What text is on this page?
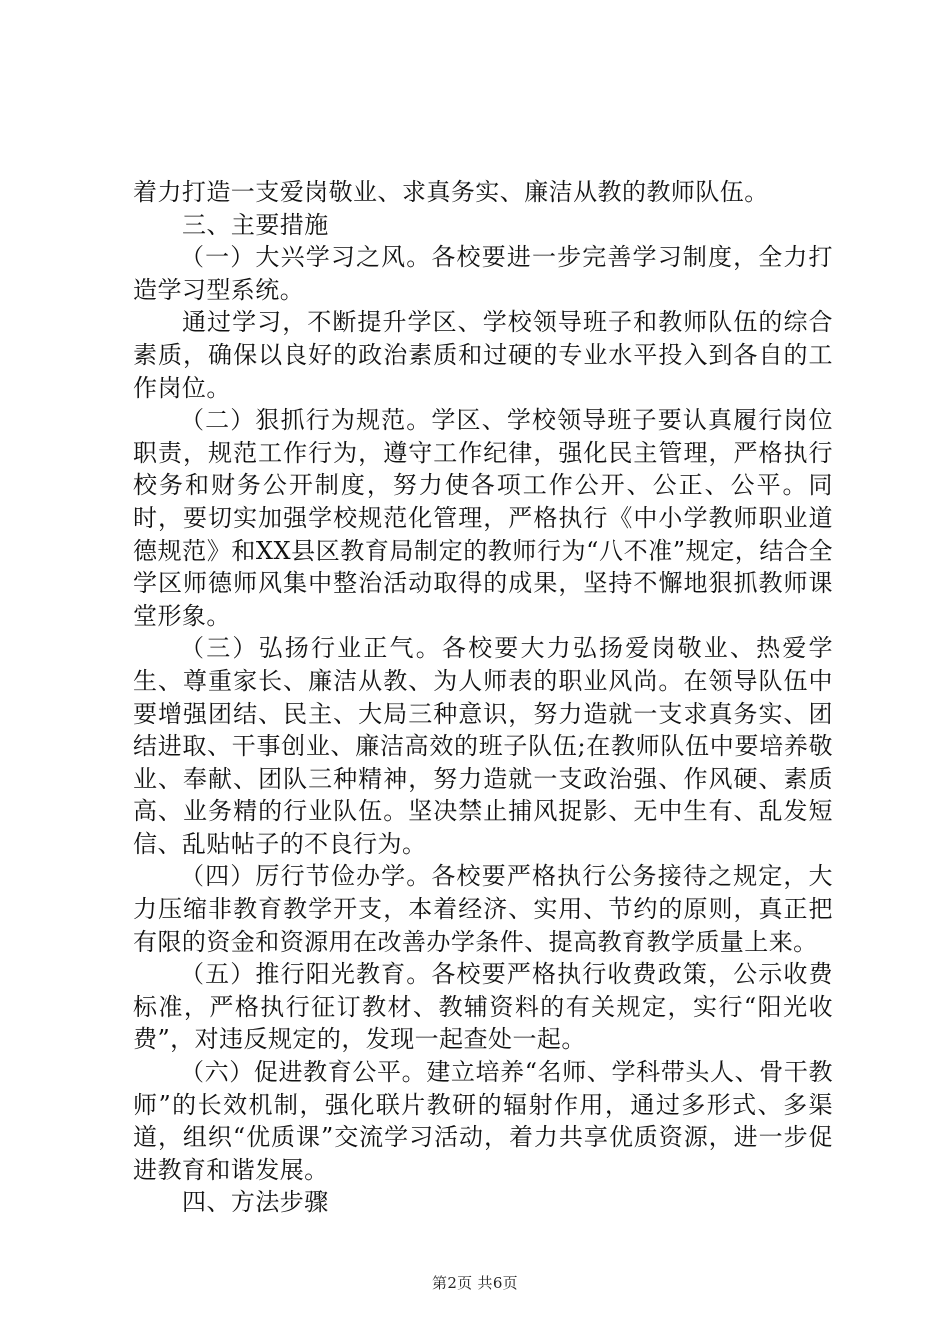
着力打造一支爱岗敬业、求真务实、廉洁从教的教师队伍。

三、主要措施

（一）大兴学习之风。各校要进一步完善学习制度，全力打造学习型系统。

通过学习，不断提升学区、学校领导班子和教师队伍的综合素质，确保以良好的政治素质和过硬的专业水平投入到各自的工作岗位。

（二）狠抓行为规范。学区、学校领导班子要认真履行岗位职责，规范工作行为，遵守工作纪律，强化民主管理，严格执行校务和财务公开制度，努力使各项工作公开、公正、公平。同时，要切实加强学校规范化管理，严格执行《中小学教师职业道德规范》和XX县区教育局制定的教师行为“八不准”规定，结合全学区师德师风集中整治活动取得的成果，坚持不懈地狠抓教师课堂形象。

（三）弘扬行业正气。各校要大力弘扬爱岗敬业、热爱学生、尊重家长、廉洁从教、为人师表的职业风尚。在领导队伍中要增强团结、民主、大局三种意识，努力造就一支求真务实、团结进取、干事创业、廉洁高效的班子队伍;在教师队伍中要培养敬业、奉献、团队三种精神，努力造就一支政治强、作风硬、素质高、业务精的行业队伍。坚决禁止捕风捉影、无中生有、乱发短信、乱贴帖子的不良行为。

（四）厉行节俭办学。各校要严格执行公务接待之规定，大力压缩非教育教学开支，本着经济、实用、节约的原则，真正把有限的资金和资源用在改善办学条件、提高教育教学质量上来。

（五）推行阳光教育。各校要严格执行收费政策，公示收费标准，严格执行征订教材、教辅资料的有关规定，实行“阳光收费”，对违反规定的，发现一起查处一起。

（六）促进教育公平。建立培养“名师、学科带头人、骨干教师”的长效机制，强化联片教研的辐射作用，通过多形式、多渠道，组织“优质课”交流学习活动，着力共享优质资源，进一步促进教育和谐发展。

四、方法步骤

第2页 共6页
